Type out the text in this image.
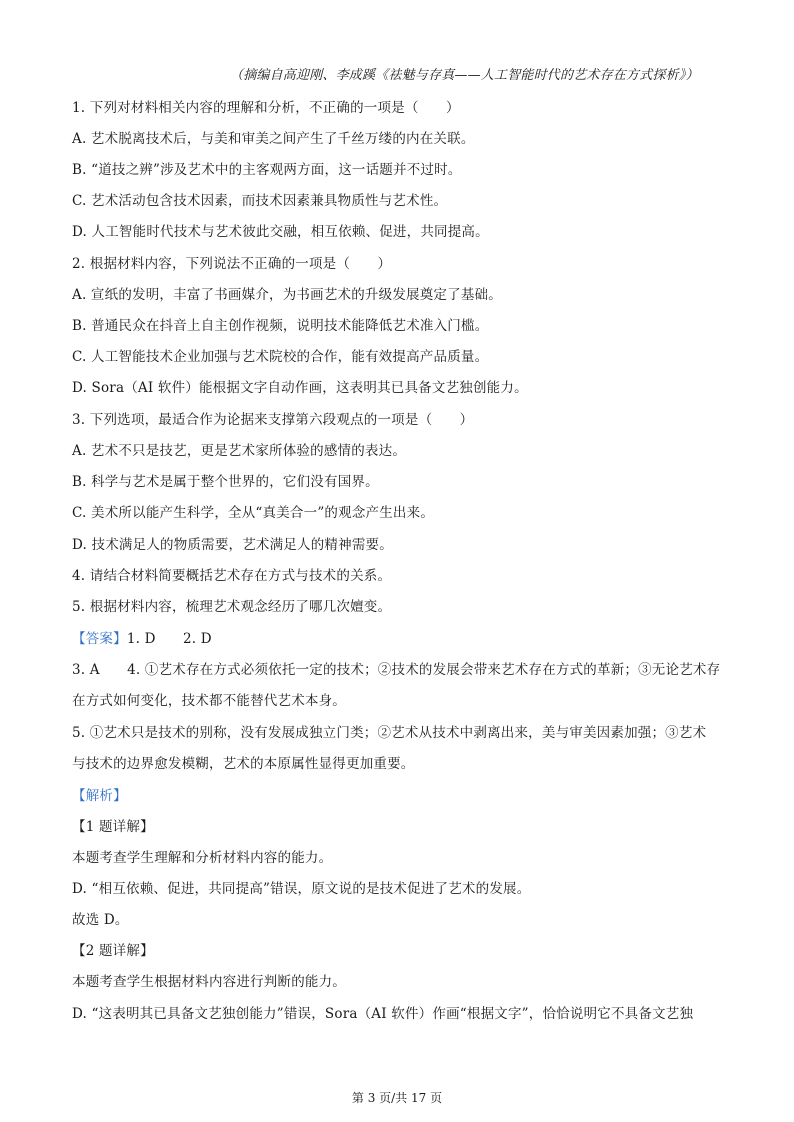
（摘编自高迎刚、李成蹊《祛魅与存真——人工智能时代的艺术存在方式探析》）
1. 下列对材料相关内容的理解和分析，不正确的一项是（　　）
A. 艺术脱离技术后，与美和审美之间产生了千丝万缕的内在关联。
B. “道技之辨”涉及艺术中的主客观两方面，这一话题并不过时。
C. 艺术活动包含技术因素，而技术因素兼具物质性与艺术性。
D. 人工智能时代技术与艺术彼此交融，相互依赖、促进，共同提高。
2. 根据材料内容，下列说法不正确的一项是（　　）
A. 宣纸的发明，丰富了书画媒介，为书画艺术的升级发展奠定了基础。
B. 普通民众在抖音上自主创作视频，说明技术能降低艺术准入门槛。
C. 人工智能技术企业加强与艺术院校的合作，能有效提高产品质量。
D. Sora（AI 软件）能根据文字自动作画，这表明其已具备文艺独创能力。
3. 下列选项，最适合作为论据来支撑第六段观点的一项是（　　）
A. 艺术不只是技艺，更是艺术家所体验的感情的表达。
B. 科学与艺术是属于整个世界的，它们没有国界。
C. 美术所以能产生科学，全从“真美合一”的观念产生出来。
D. 技术满足人的物质需要，艺术满足人的精神需要。
4. 请结合材料简要概括艺术存在方式与技术的关系。
5. 根据材料内容，梳理艺术观念经历了哪几次嬗变。
【答案】1. D　　2. D
3. A　　4. ①艺术存在方式必须依托一定的技术；②技术的发展会带来艺术存在方式的革新；③无论艺术存
在方式如何变化，技术都不能替代艺术本身。
5. ①艺术只是技术的别称，没有发展成独立门类；②艺术从技术中剥离出来，美与审美因素加强；③艺术
与技术的边界愈发模糊，艺术的本原属性显得更加重要。
【解析】
【1 题详解】
本题考查学生理解和分析材料内容的能力。
D. “相互依赖、促进，共同提高”错误，原文说的是技术促进了艺术的发展。
故选 D。
【2 题详解】
本题考查学生根据材料内容进行判断的能力。
D. “这表明其已具备文艺独创能力”错误，Sora（AI 软件）作画“根据文字”，恰恰说明它不具备文艺独
第 3 页/共 17 页
